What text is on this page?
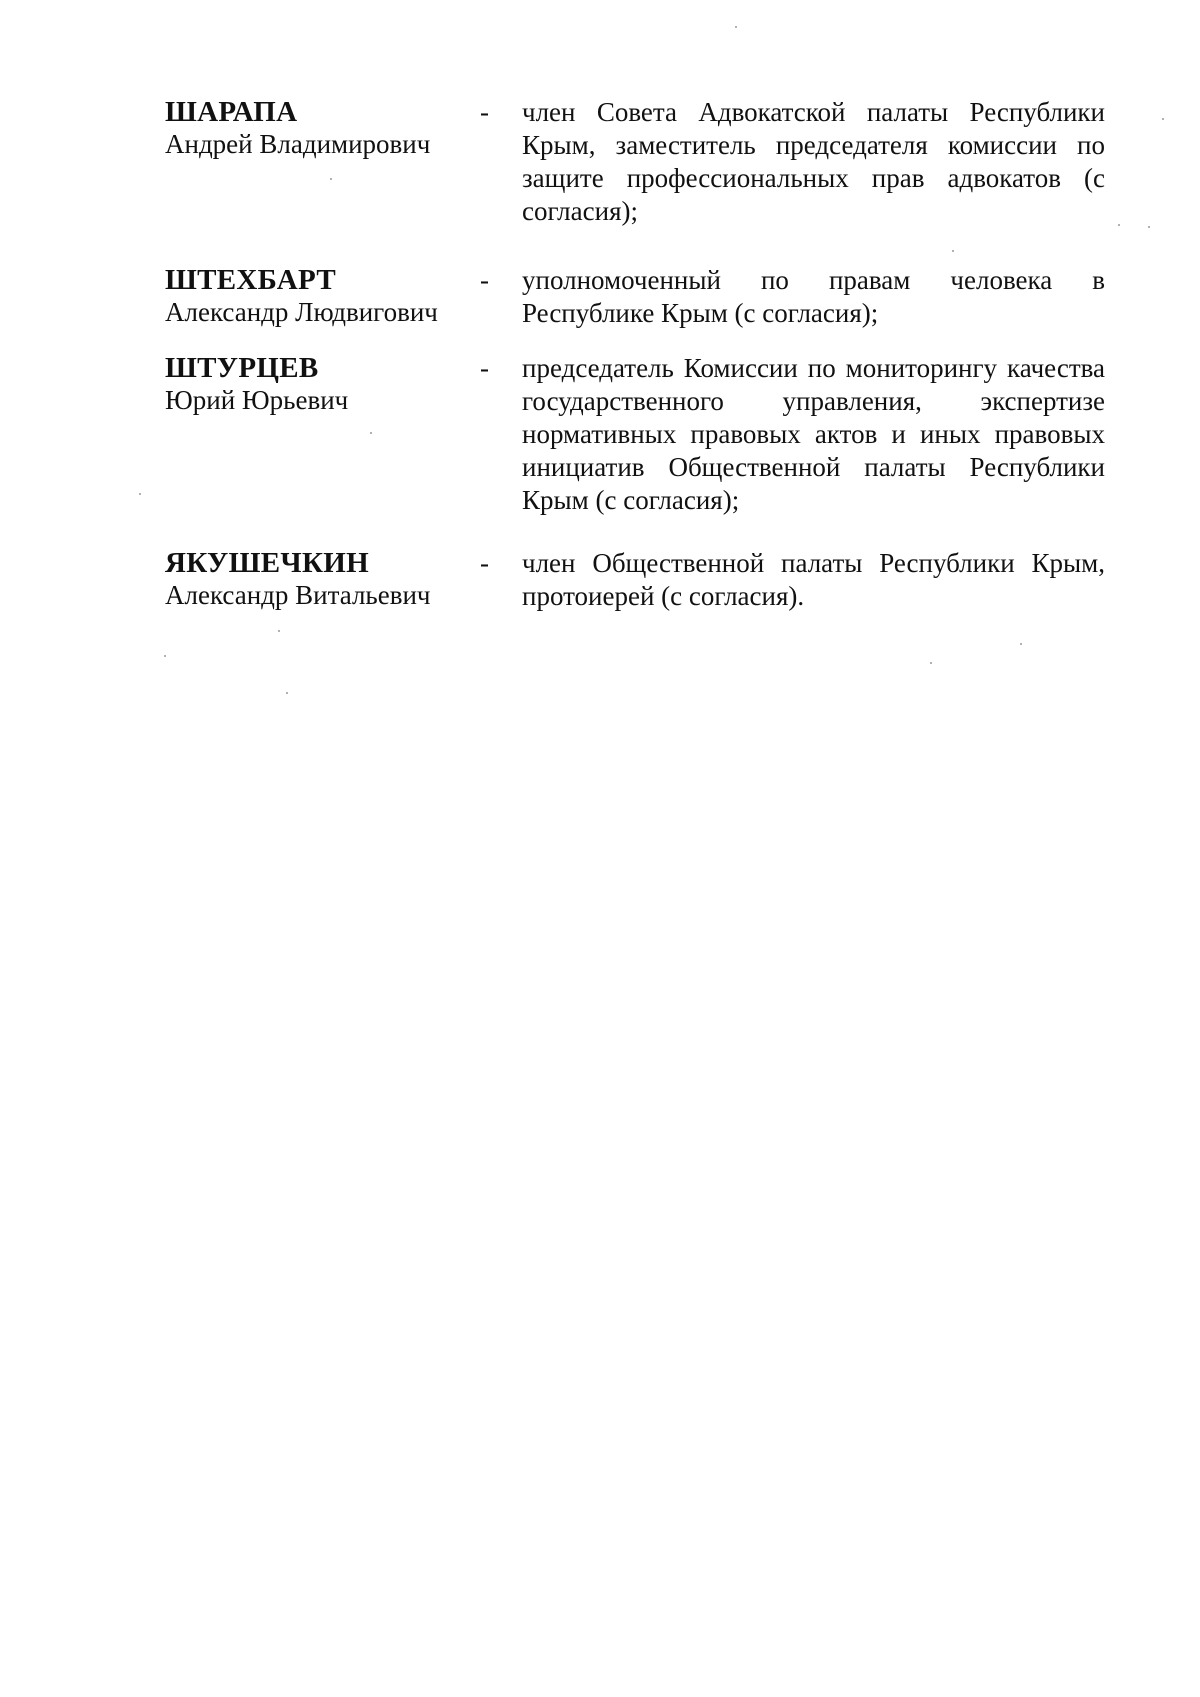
ШАРАПА
Андрей Владимирович
-	член Совета Адвокатской палаты Республики Крым, заместитель председателя комиссии по защите профессиональных прав адвокатов (с согласия);
ШТЕХБАРТ
Александр Людвигович
-	уполномоченный по правам человека в Республике Крым (с согласия);
ШТУРЦЕВ
Юрий Юрьевич
-	председатель Комиссии по мониторингу качества государственного управления, экспертизе нормативных правовых актов и иных правовых инициатив Общественной палаты Республики Крым (с согласия);
ЯКУШЕЧКИН
Александр Витальевич
-	член Общественной палаты Республики Крым, протоиерей (с согласия).
